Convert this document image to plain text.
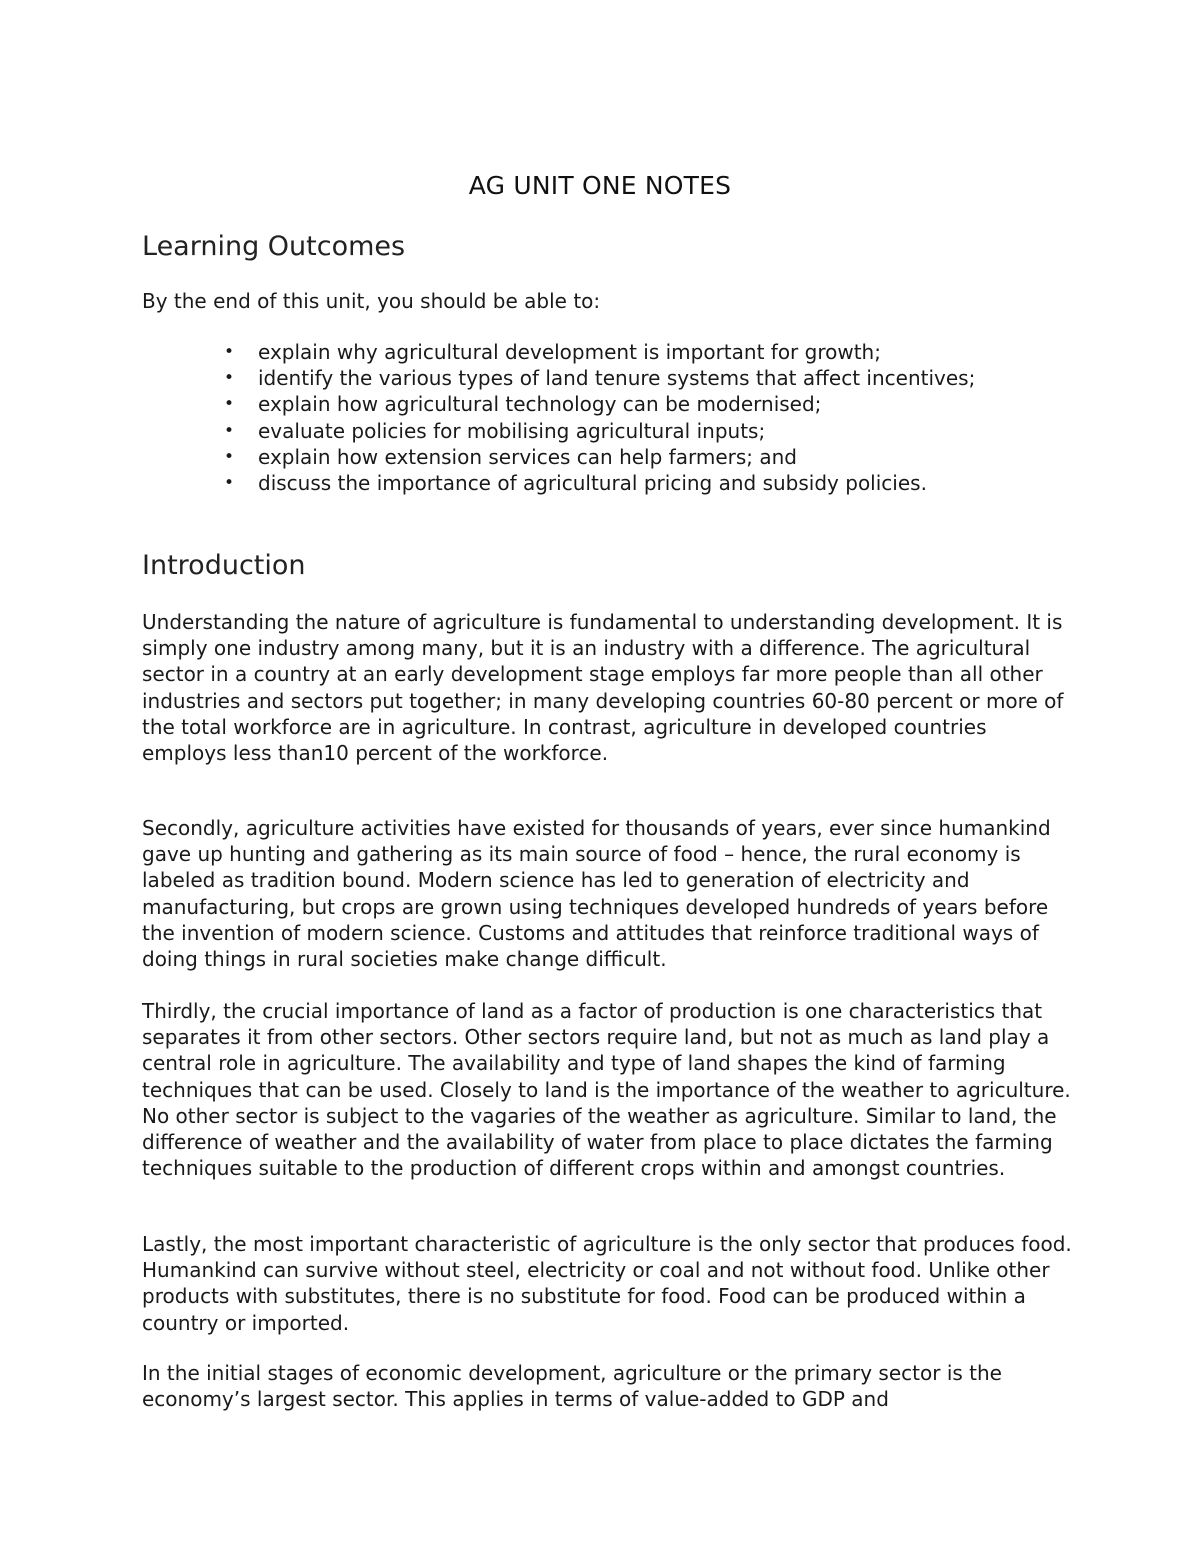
AG UNIT ONE NOTES
Learning Outcomes
By the end of this unit, you should be able to:
• explain why agricultural development is important for growth;
• identify the various types of land tenure systems that affect incentives;
• explain how agricultural technology can be modernised;
• evaluate policies for mobilising agricultural inputs;
• explain how extension services can help farmers; and
• discuss the importance of agricultural pricing and subsidy policies.
Introduction

Understanding the nature of agriculture is fundamental to understanding development. It is simply one industry among many, but it is an industry with a difference. The agricultural sector in a country at an early development stage employs far more people than all other industries and sectors put together; in many developing countries 60-80 percent or more of the total workforce are in agriculture. In contrast, agriculture in developed countries employs less than10 percent of the workforce.

Secondly, agriculture activities have existed for thousands of years, ever since humankind gave up hunting and gathering as its main source of food – hence, the rural economy is labeled as tradition bound. Modern science has led to generation of electricity and manufacturing, but crops are grown using techniques developed hundreds of years before the invention of modern science. Customs and attitudes that reinforce traditional ways of doing things in rural societies make change difficult.

Thirdly, the crucial importance of land as a factor of production is one characteristics that separates it from other sectors. Other sectors require land, but not as much as land play a central role in agriculture. The availability and type of land shapes the kind of farming techniques that can be used. Closely to land is the importance of the weather to agriculture. No other sector is subject to the vagaries of the weather as agriculture. Similar to land, the difference of weather and the availability of water from place to place dictates the farming techniques suitable to the production of different crops within and amongst countries.

Lastly, the most important characteristic of agriculture is the only sector that produces food. Humankind can survive without steel, electricity or coal and not without food. Unlike other products with substitutes, there is no substitute for food. Food can be produced within a country or imported.

In the initial stages of economic development, agriculture or the primary sector is the economy’s largest sector. This applies in terms of value-added to GDP and
